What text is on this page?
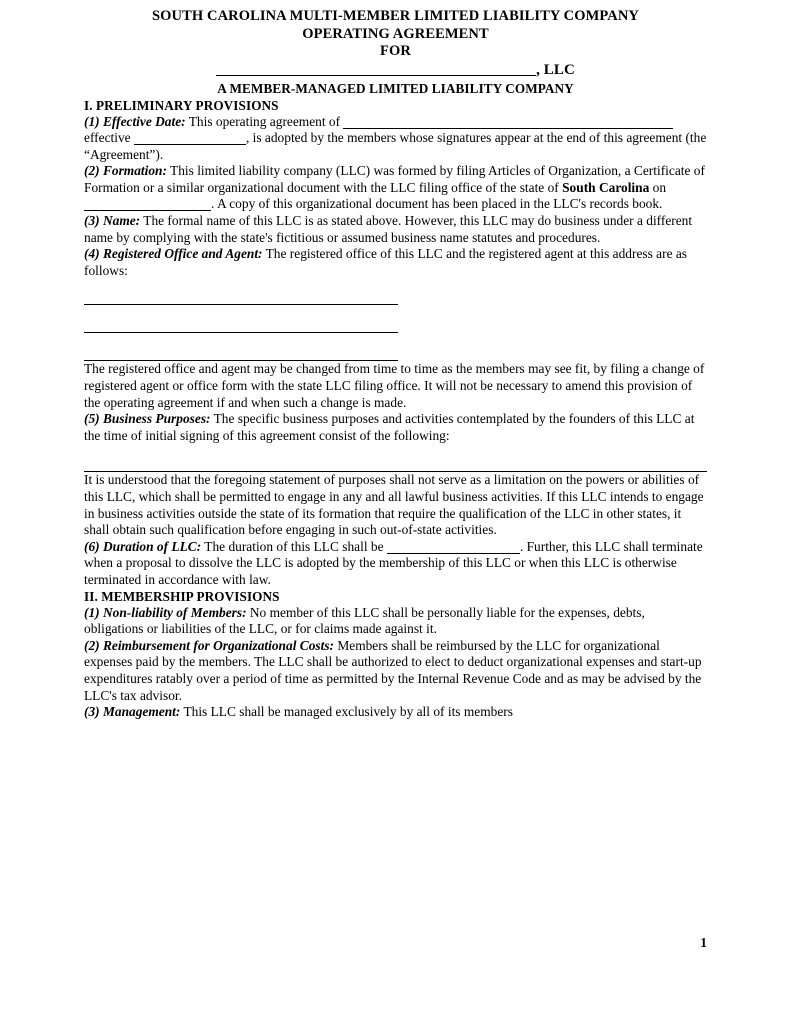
SOUTH CAROLINA MULTI-MEMBER LIMITED LIABILITY COMPANY
OPERATING AGREEMENT
FOR
, LLC
A MEMBER-MANAGED LIMITED LIABILITY COMPANY
I. PRELIMINARY PROVISIONS

(1) Effective Date: This operating agreement of
effective	, is adopted by the members whose signatures appear at the end of this agreement (the “Agreement”).

(2) Formation: This limited liability company (LLC) was formed by filing Articles of Organization, a Certificate of Formation or a similar organizational document with the LLC filing office of the state of South Carolina on
. A copy of this organizational document has been placed in the LLC's records book.

(3) Name: The formal name of this LLC is as stated above. However, this LLC may do business under a different name by complying with the state's fictitious or assumed business name statutes and procedures.

(4) Registered Office and Agent: The registered office of this LLC and the registered agent at this address are as follows:

The registered office and agent may be changed from time to time as the members may see fit, by filing a change of registered agent or office form with the state LLC filing office. It will not be necessary to amend this provision of the operating agreement if and when such a change is made.

(5) Business Purposes: The specific business purposes and activities contemplated by the founders of this LLC at the time of initial signing of this agreement consist of the following:

It is understood that the foregoing statement of purposes shall not serve as a limitation on the powers or abilities of this LLC, which shall be permitted to engage in any and all lawful business activities. If this LLC intends to engage in business activities outside the state of its formation that require the qualification of the LLC in other states, it shall obtain such qualification before engaging in such out-of-state activities.

(6) Duration of LLC: The duration of this LLC shall be	. Further, this LLC shall terminate when a proposal to dissolve the LLC is adopted by the membership of this LLC or when this LLC is otherwise terminated in accordance with law.

II. MEMBERSHIP PROVISIONS

(1) Non-liability of Members: No member of this LLC shall be personally liable for the expenses, debts, obligations or liabilities of the LLC, or for claims made against it.

(2) Reimbursement for Organizational Costs: Members shall be reimbursed by the LLC for organizational expenses paid by the members. The LLC shall be authorized to elect to deduct organizational expenses and start-up expenditures ratably over a period of time as permitted by the Internal Revenue Code and as may be advised by the LLC's tax advisor.

(3) Management: This LLC shall be managed exclusively by all of its members

1
